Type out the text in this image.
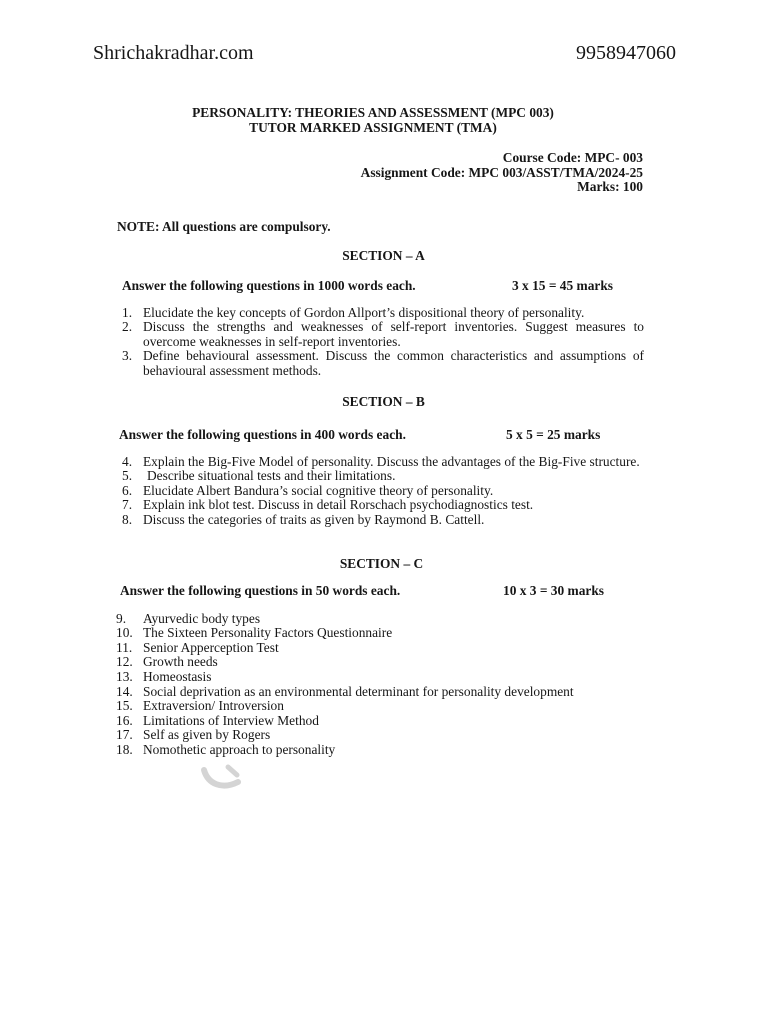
Shrichakradhar.com	9958947060
PERSONALITY: THEORIES AND ASSESSMENT (MPC 003)
TUTOR MARKED ASSIGNMENT (TMA)
Course Code: MPC- 003
Assignment Code: MPC 003/ASST/TMA/2024-25
Marks: 100
NOTE: All questions are compulsory.
SECTION – A
Answer the following questions in 1000 words each.	3 x 15 = 45 marks
1. Elucidate the key concepts of Gordon Allport’s dispositional theory of personality.
2. Discuss the strengths and weaknesses of self-report inventories. Suggest measures to
overcome weaknesses in self-report inventories.
3. Define behavioural assessment. Discuss the common characteristics and assumptions of
behavioural assessment methods.
SECTION – B
Answer the following questions in 400 words each.	5 x 5 = 25 marks
4. Explain the Big-Five Model of personality. Discuss the advantages of the Big-Five structure.
5. Describe situational tests and their limitations.
6. Elucidate Albert Bandura’s social cognitive theory of personality.
7. Explain ink blot test. Discuss in detail Rorschach psychodiagnostics test.
8. Discuss the categories of traits as given by Raymond B. Cattell.
SECTION – C
Answer the following questions in 50 words each.	10 x 3 = 30 marks
9. Ayurvedic body types
10. The Sixteen Personality Factors Questionnaire
11. Senior Apperception Test
12. Growth needs
13. Homeostasis
14. Social deprivation as an environmental determinant for personality development
15. Extraversion/ Introversion
16. Limitations of Interview Method
17. Self as given by Rogers
18. Nomothetic approach to personality
